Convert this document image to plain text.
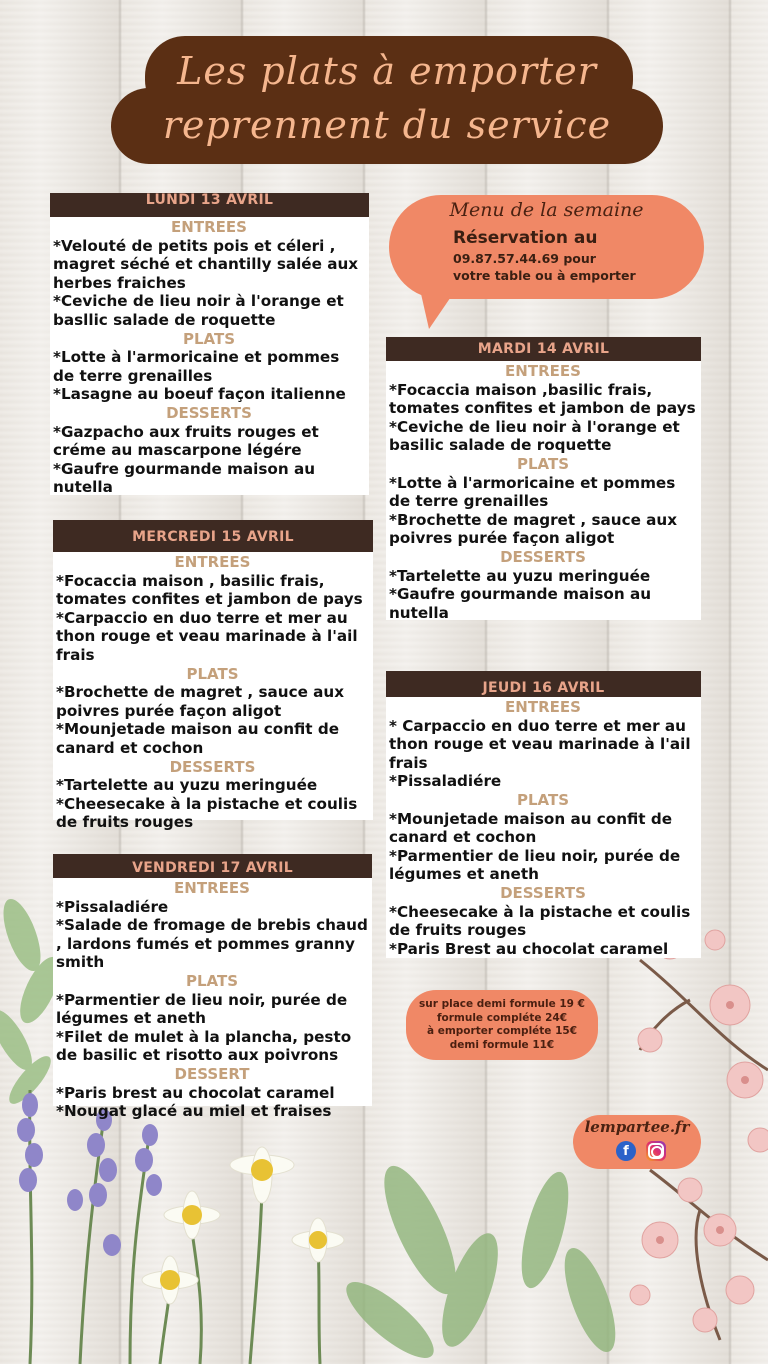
Les plats à emporter
reprennent du service
Menu de la semaine
Réservation au
09.87.57.44.69 pour
votre table ou à emporter
LUNDI 13 AVRIL
ENTREES
*Velouté de petits pois et céleri , magret séché et chantilly salée aux herbes fraiches
*Ceviche de lieu noir à l'orange et basllic salade de roquette
PLATS
*Lotte à l'armoricaine et pommes de terre grenailles
*Lasagne au boeuf façon italienne
DESSERTS
*Gazpacho aux fruits rouges et créme au mascarpone légére
*Gaufre gourmande maison au nutella
MARDI 14 AVRIL
ENTREES
*Focaccia maison ,basilic frais, tomates confites et jambon de pays
*Ceviche de lieu noir à l'orange et basilic salade de roquette
PLATS
*Lotte à l'armoricaine et pommes de terre grenailles
*Brochette de magret , sauce aux poivres purée façon aligot
DESSERTS
*Tartelette au yuzu meringuée
*Gaufre gourmande maison au nutella
MERCREDI 15 AVRIL
ENTREES
*Focaccia maison , basilic frais, tomates confites et jambon de pays
*Carpaccio en duo terre et mer au thon rouge et veau marinade à l'ail frais
PLATS
*Brochette de magret , sauce aux poivres purée façon aligot
*Mounjetade maison au confit de canard et cochon
DESSERTS
*Tartelette au yuzu meringuée
*Cheesecake à la pistache et coulis de fruits rouges
JEUDI 16 AVRIL
ENTREES
* Carpaccio en duo terre et mer au thon rouge et veau marinade à l'ail frais
*Pissaladiére
PLATS
*Mounjetade maison au confit de canard et cochon
*Parmentier de lieu noir, purée de légumes et aneth
DESSERTS
*Cheesecake à la pistache et coulis de fruits rouges
*Paris Brest au chocolat caramel
VENDREDI 17 AVRIL
ENTREES
*Pissaladiére
*Salade de fromage de brebis chaud , lardons fumés et pommes granny smith
PLATS
*Parmentier de lieu noir, purée de légumes et aneth
*Filet de mulet à la plancha, pesto de basilic et risotto aux poivrons
DESSERT
*Paris brest au chocolat caramel
*Nougat glacé au miel et fraises
sur place demi formule 19 €
formule compléte 24€
à emporter compléte 15€
demi formule 11€
lempartee.fr
f
